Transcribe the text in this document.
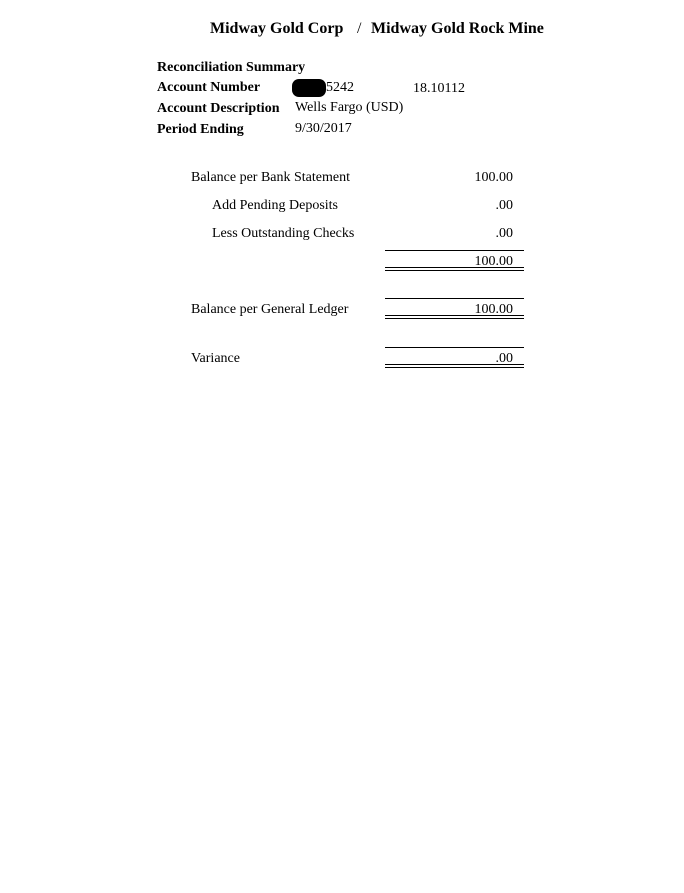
Midway Gold Corp / Midway Gold Rock Mine
Reconciliation Summary
Account Number	5242	18.10112
Account Description Wells Fargo (USD)
Period Ending	9/30/2017
Balance per Bank Statement	100.00
Add Pending Deposits	.00
Less Outstanding Checks	.00
100.00
Balance per General Ledger	100.00
Variance	.00
